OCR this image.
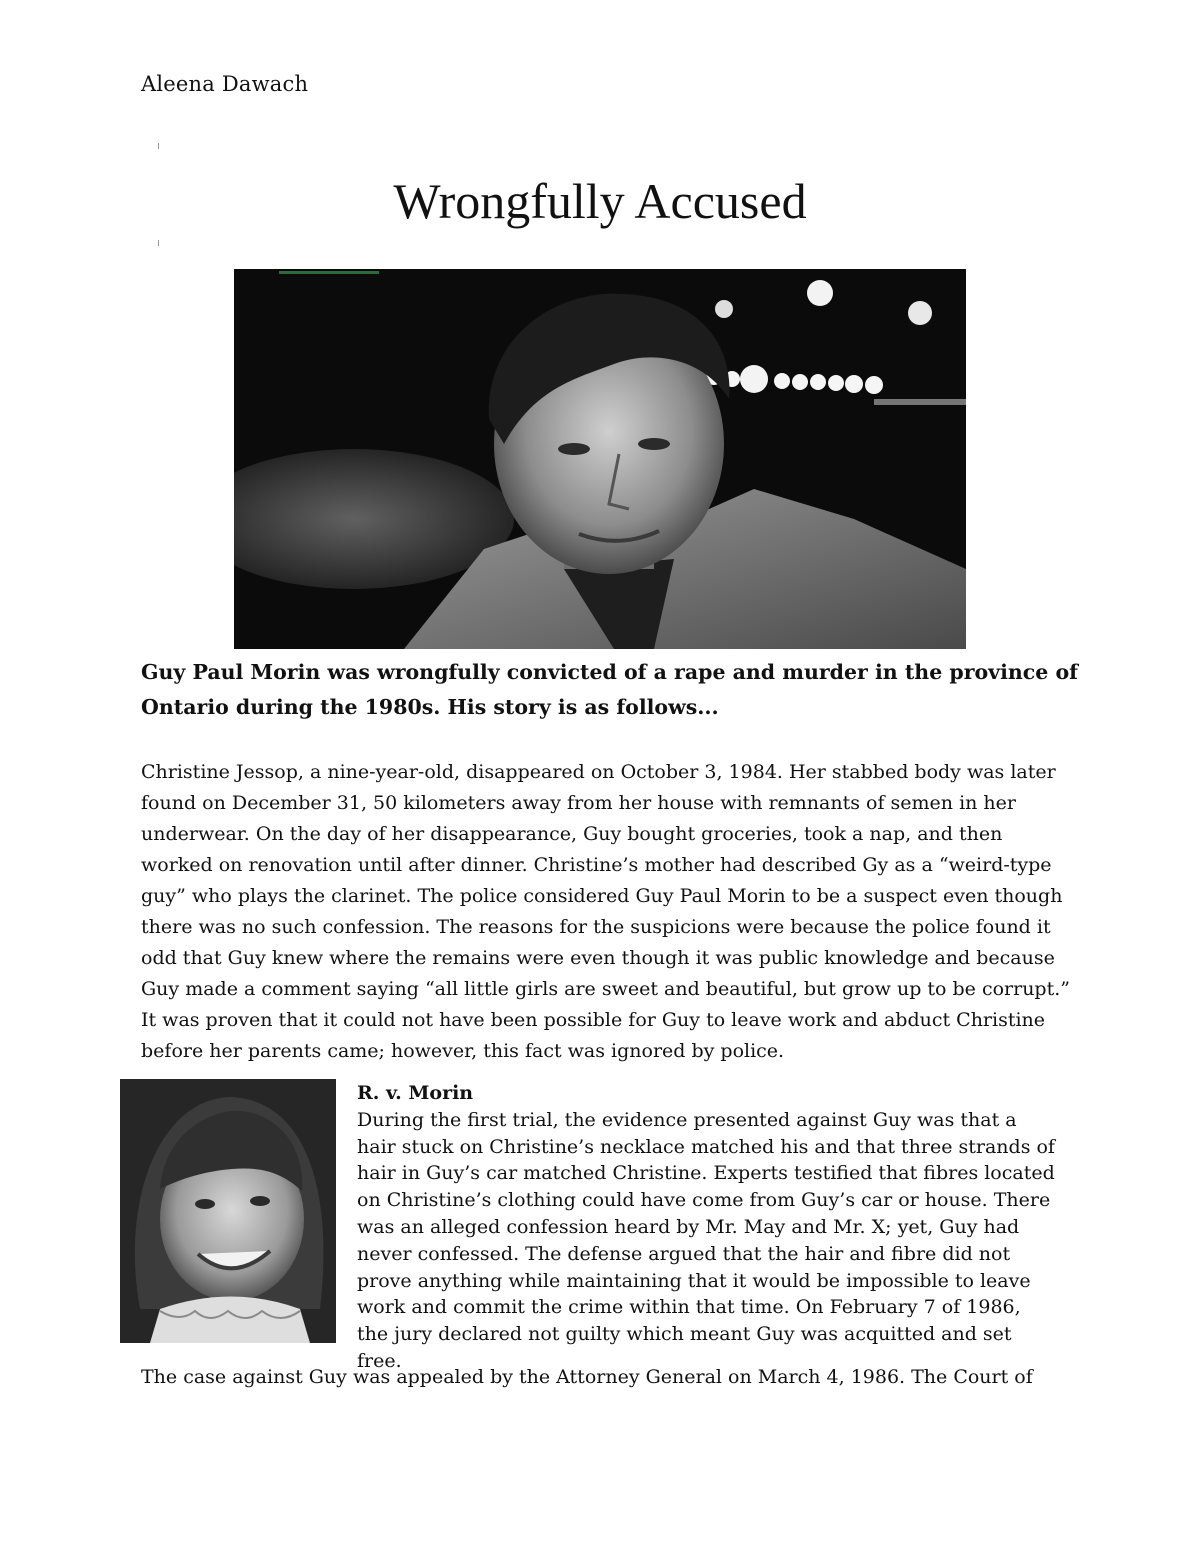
Aleena Dawach
Wrongfully Accused

Guy Paul Morin was wrongfully convicted of a rape and murder in the province of Ontario during the 1980s. His story is as follows...

Christine Jessop, a nine-year-old, disappeared on October 3, 1984. Her stabbed body was later found on December 31, 50 kilometers away from her house with remnants of semen in her underwear. On the day of her disappearance, Guy bought groceries, took a nap, and then worked on renovation until after dinner. Christine’s mother had described Gy as a “weird-type guy” who plays the clarinet. The police considered Guy Paul Morin to be a suspect even though there was no such confession. The reasons for the suspicions were because the police found it odd that Guy knew where the remains were even though it was public knowledge and because Guy made a comment saying “all little girls are sweet and beautiful, but grow up to be corrupt.” It was proven that it could not have been possible for Guy to leave work and abduct Christine before her parents came; however, this fact was ignored by police.

R. v. Morin

During the first trial, the evidence presented against Guy was that a hair stuck on Christine’s necklace matched his and that three strands of hair in Guy’s car matched Christine. Experts testified that fibres located on Christine’s clothing could have come from Guy’s car or house. There was an alleged confession heard by Mr. May and Mr. X; yet, Guy had never confessed. The defense argued that the hair and fibre did not prove anything while maintaining that it would be impossible to leave work and commit the crime within that time. On February 7 of 1986, the jury declared not guilty which meant Guy was acquitted and set free.

The case against Guy was appealed by the Attorney General on March 4, 1986. The Court of
